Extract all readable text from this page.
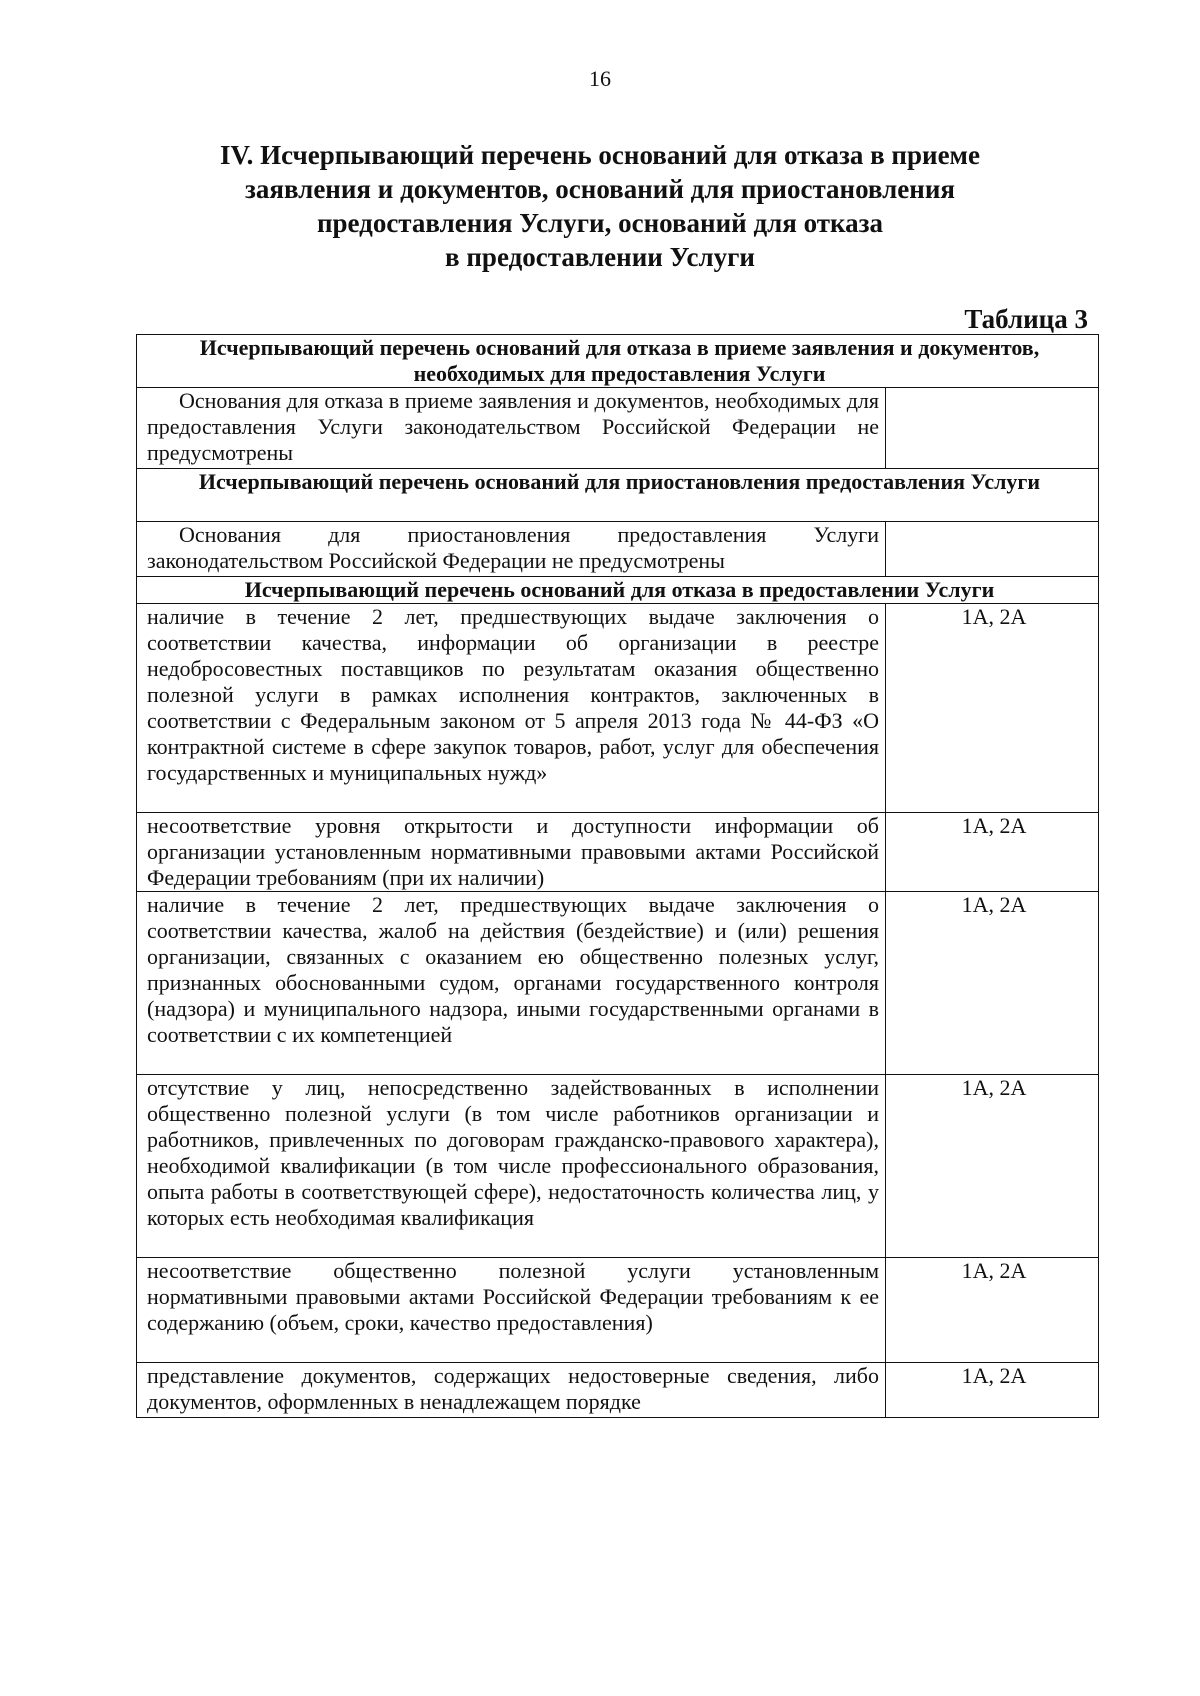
16
IV. Исчерпывающий перечень оснований для отказа в приеме
заявления и документов, оснований для приостановления
предоставления Услуги, оснований для отказа
в предоставлении Услуги
Таблица 3
Исчерпывающий перечень оснований для отказа в приеме заявления и документов, необходимых для предоставления Услуги	
Основания для отказа в приеме заявления и документов, необходимых для предоставления Услуги законодательством Российской Федерации не предусмотрены	
Исчерпывающий перечень оснований для приостановления предоставления Услуги	
Основания для приостановления предоставления Услуги законодательством Российской Федерации не предусмотрены	
Исчерпывающий перечень оснований для отказа в предоставлении Услуги	
наличие в течение 2 лет, предшествующих выдаче заключения о соответствии качества, информации об организации в реестре недобросовестных поставщиков по результатам оказания общественно полезной услуги в рамках исполнения контрактов, заключенных в соответствии с Федеральным законом от 5 апреля 2013 года № 44-ФЗ «О контрактной системе в сфере закупок товаров, работ, услуг для обеспечения государственных и муниципальных нужд»	1А, 2А
несоответствие уровня открытости и доступности информации об организации установленным нормативными правовыми актами Российской Федерации требованиям (при их наличии)	1А, 2А
наличие в течение 2 лет, предшествующих выдаче заключения о соответствии качества, жалоб на действия (бездействие) и (или) решения организации, связанных с оказанием ею общественно полезных услуг, признанных обоснованными судом, органами государственного контроля (надзора) и муниципального надзора, иными государственными органами в соответствии с их компетенцией	1А, 2А
отсутствие у лиц, непосредственно задействованных в исполнении общественно полезной услуги (в том числе работников организации и работников, привлеченных по договорам гражданско-правового характера), необходимой квалификации (в том числе профессионального образования, опыта работы в соответствующей сфере), недостаточность количества лиц, у которых есть необходимая квалификация	1А, 2А
несоответствие общественно полезной услуги установленным нормативными правовыми актами Российской Федерации требованиям к ее содержанию (объем, сроки, качество предоставления)	1А, 2А
представление документов, содержащих недостоверные сведения, либо документов, оформленных в ненадлежащем порядке	1А, 2А
